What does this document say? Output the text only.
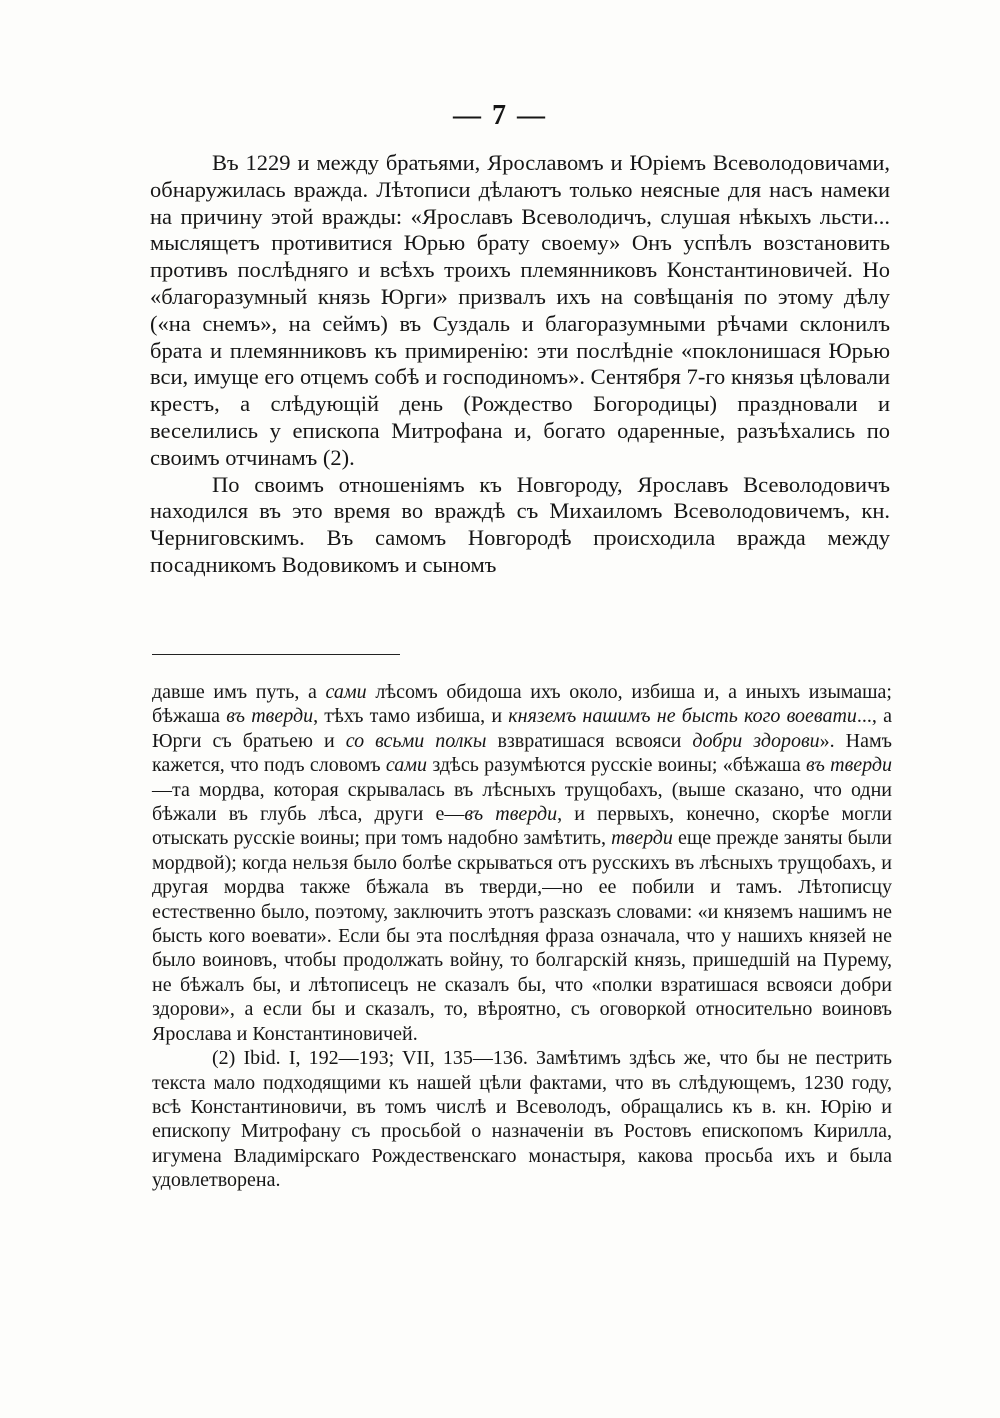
— 7 —

Въ 1229 и между братьями, Ярославомъ и Юріемъ Всеволодовичами, обнаружилась вражда. Лѣтописи дѣлаютъ только неясные для насъ намеки на причину этой вражды: «Ярославъ Всеволодичъ, слушая нѣкыхъ льсти... мыслящетъ противитися Юрью брату своему» Онъ успѣлъ возстановить противъ послѣдняго и всѣхъ троихъ племянниковъ Константиновичей. Но «благоразумный князь Юрги» призвалъ ихъ на совѣщанія по этому дѣлу («на снемъ», на сеймъ) въ Суздаль и благоразумными рѣчами склонилъ брата и племянниковъ къ примиренію: эти послѣдніе «поклонишася Юрью вси, имуще его отцемъ собѣ и господиномъ». Сентября 7-го князья цѣловали крестъ, а слѣдующій день (Рождество Богородицы) праздновали и веселились у епископа Митрофана и, богато одаренные, разъѣхались по своимъ отчинамъ (2).

По своимъ отношеніямъ къ Новгороду, Ярославъ Всеволодовичъ находился въ это время во враждѣ съ Михаиломъ Всеволодовичемъ, кн. Черниговскимъ. Въ самомъ Новгородѣ происходила вражда между посадникомъ Водовикомъ и сыномъ

давше имъ путь, а сами лѣсомъ обидоша ихъ около, избиша и, а иныхъ изымаша; бѣжаша въ тверди, тѣхъ тамо избиша, и княземъ нашимъ не бысть кого воевати..., а Юрги съ братьею и со всьми полкы взвратишася всвояси добри здорови». Намъ кажется, что подъ словомъ сами здѣсь разумѣются русскіе воины; «бѣжаша въ тверди—та мордва, которая скрывалась въ лѣсныхъ трущобахъ, (выше сказано, что одни бѣжали въ глубь лѣса, други е—въ тверди, и первыхъ, конечно, скорѣе могли отыскать русскіе воины; при томъ надобно замѣтить, тверди еще прежде заняты были мордвой); когда нельзя было болѣе скрываться отъ русскихъ въ лѣсныхъ трущобахъ, и другая мордва также бѣжала въ тверди,—но ее побили и тамъ. Лѣтописцу естественно было, поэтому, заключить этотъ разсказъ словами: «и княземъ нашимъ не бысть кого воевати». Если бы эта послѣдняя фраза означала, что у нашихъ князей не было воиновъ, чтобы продолжать войну, то болгарскій князь, пришедшій на Пурему, не бѣжалъ бы, и лѣтописецъ не сказалъ бы, что «полки взратишася всвояси добри здорови», а если бы и сказалъ, то, вѣроятно, съ оговоркой относительно воиновъ Ярослава и Константиновичей.

(2) Ibid. I, 192—193; VII, 135—136. Замѣтимъ здѣсь же, что бы не пестрить текста мало подходящими къ нашей цѣли фактами, что въ слѣдующемъ, 1230 году, всѣ Константиновичи, въ томъ числѣ и Всеволодъ, обращались къ в. кн. Юрію и епископу Митрофану съ просьбой о назначеніи въ Ростовъ епископомъ Кирилла, игумена Владимірскаго Рождественскаго монастыря, какова просьба ихъ и была удовлетворена.
